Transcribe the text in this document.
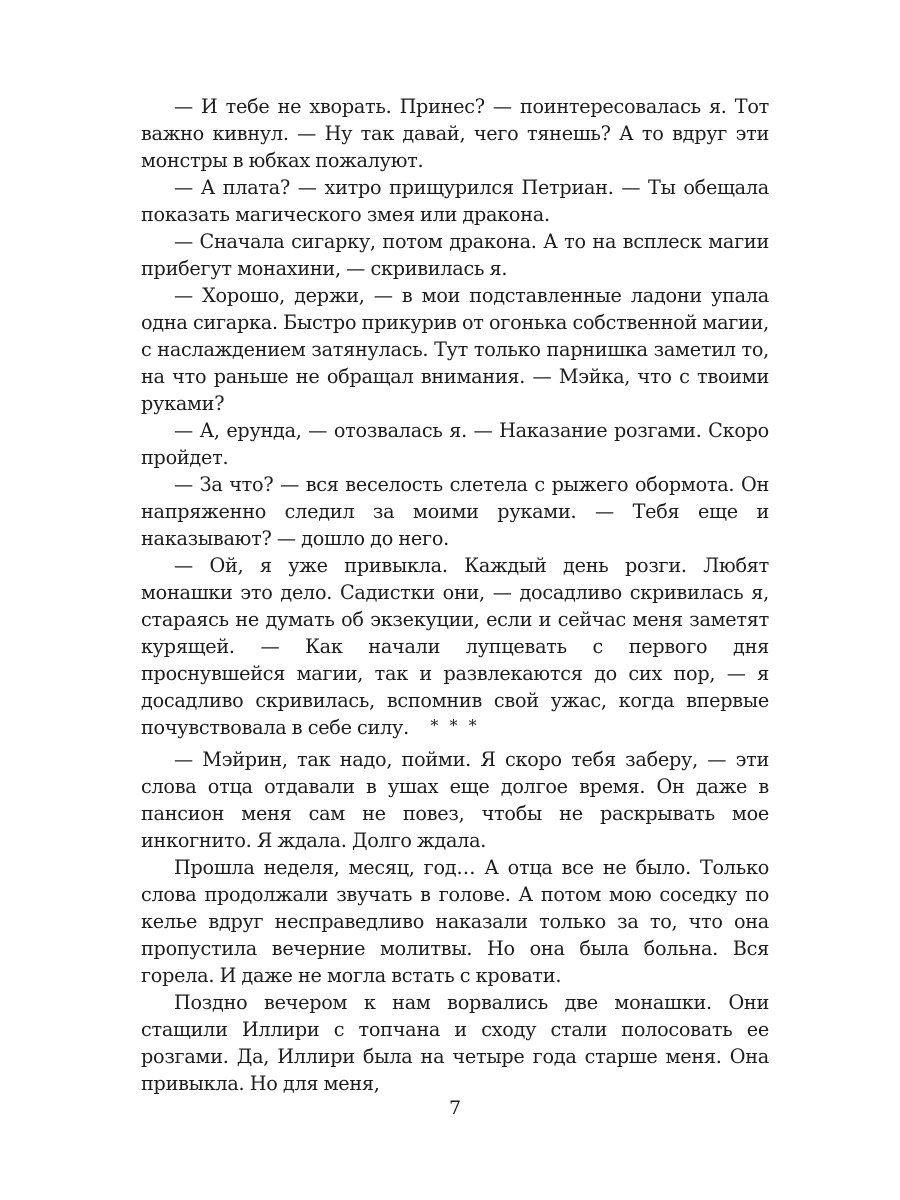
— И тебе не хворать. Принес? — поинтересовалась я. Тот важно кивнул. — Ну так давай, чего тянешь? А то вдруг эти монстры в юбках пожалуют.

— А плата? — хитро прищурился Петриан. — Ты обещала показать магического змея или дракона.

— Сначала сигарку, потом дракона. А то на всплеск магии прибегут монахини, — скривилась я.

— Хорошо, держи, — в мои подставленные ладони упала одна сигарка. Быстро прикурив от огонька собственной магии, с наслаждением затянулась. Тут только парнишка заметил то, на что раньше не обращал внимания. — Мэйка, что с твоими руками?

— А, ерунда, — отозвалась я. — Наказание розгами. Скоро пройдет.

— За что? — вся веселость слетела с рыжего обормота. Он напряженно следил за моими руками. — Тебя еще и наказывают? — дошло до него.

— Ой, я уже привыкла. Каждый день розги. Любят монашки это дело. Садистки они, — досадливо скривилась я, стараясь не думать об экзекуции, если и сейчас меня заметят курящей. — Как начали лупцевать с первого дня проснувшейся магии, так и развлекаются до сих пор, — я досадливо скривилась, вспомнив свой ужас, когда впервые почувствовала в себе силу.	* * *

— Мэйрин, так надо, пойми. Я скоро тебя заберу, — эти слова отца отдавали в ушах еще долгое время. Он даже в пансион меня сам не повез, чтобы не раскрывать мое инкогнито. Я ждала. Долго ждала.

Прошла неделя, месяц, год… А отца все не было. Только слова продолжали звучать в голове. А потом мою соседку по келье вдруг несправедливо наказали только за то, что она пропустила вечерние молитвы. Но она была больна. Вся горела. И даже не могла встать с кровати.

Поздно вечером к нам ворвались две монашки. Они стащили Иллири с топчана и сходу стали полосовать ее розгами. Да, Иллири была на четыре года старше меня. Она привыкла. Но для меня,

7
